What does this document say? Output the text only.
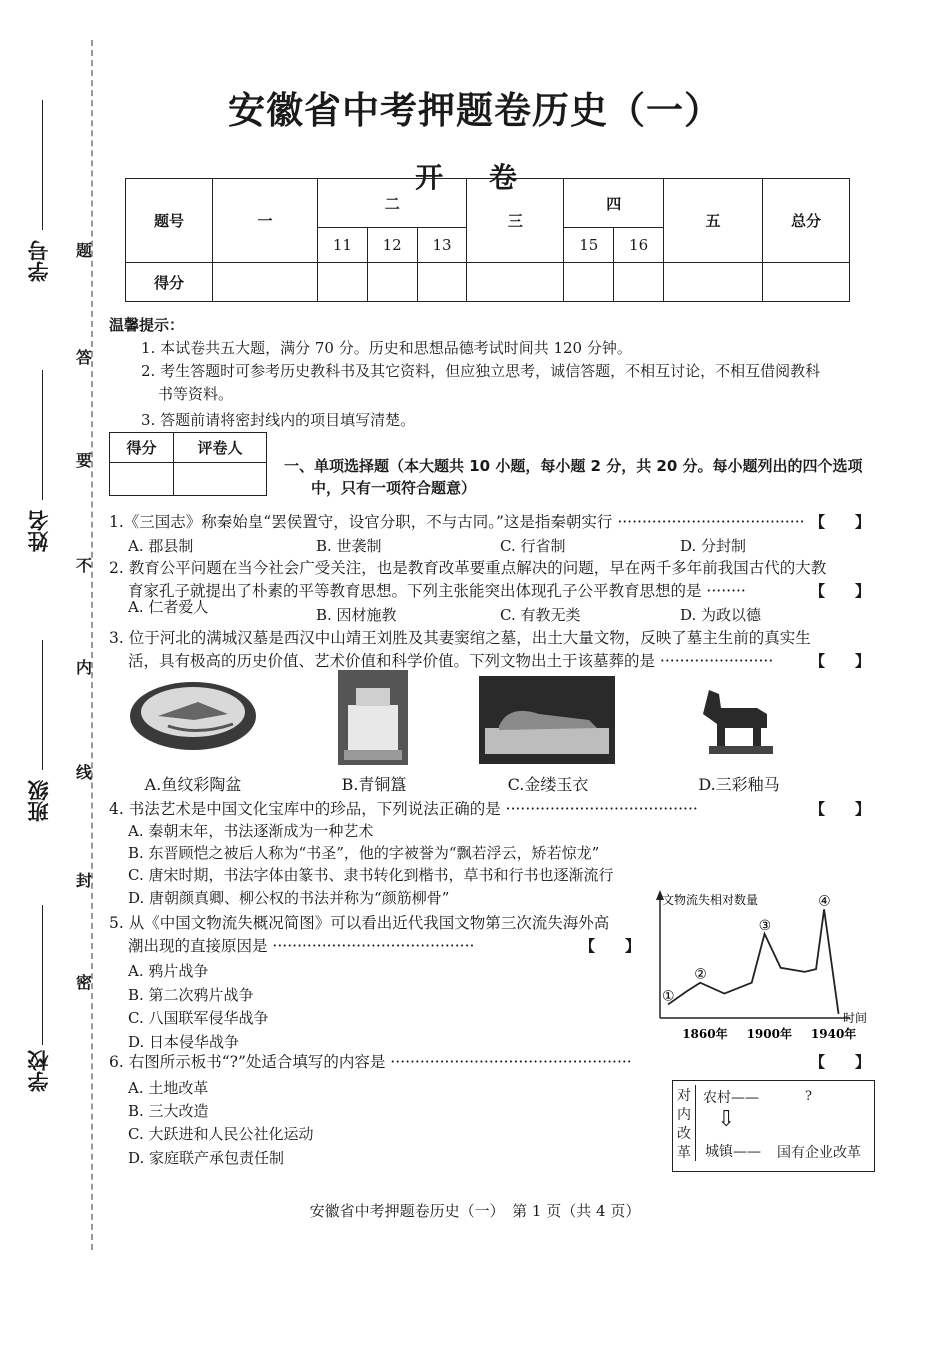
学号
姓名
班级
学校
题
答
要
不
内
线
封
密
安徽省中考押题卷历史（一）
开 卷
题号	一	二			三	四		五	总分
		11	12	13		15	16		
得分									
温馨提示：
1. 本试卷共五大题，满分 70 分。历史和思想品德考试时间共 120 分钟。
2. 考生答题时可参考历史教科书及其它资料，但应独立思考，诚信答题，不相互讨论，不相互借阅教科
书等资料。
3. 答题前请将密封线内的项目填写清楚。
得分	评卷人

一、单项选择题（本大题共 10 小题，每小题 2 分，共 20 分。每小题列出的四个选项
中，只有一项符合题意）
1.《三国志》称秦始皇“罢侯置守，设官分职，不与古同。”这是指秦朝实行 ······································ 【　　】
A. 郡县制	B. 世袭制	C. 行省制	D. 分封制
2. 教育公平问题在当今社会广受关注，也是教育改革要重点解决的问题，早在两千多年前我国古代的大教
育家孔子就提出了朴素的平等教育思想。下列主张能突出体现孔子公平教育思想的是 ········	【　　】
A. 仁者爱人	B. 因材施教	C. 有教无类	D. 为政以德
3. 位于河北的满城汉墓是西汉中山靖王刘胜及其妻窦绾之墓，出土大量文物，反映了墓主生前的真实生
活，具有极高的历史价值、艺术价值和科学价值。下列文物出土于该墓葬的是 ······················· 【　　】
A.鱼纹彩陶盆	B.青铜簋	C.金缕玉衣	D.三彩釉马
4. 书法艺术是中国文化宝库中的珍品，下列说法正确的是 ·······································	【　　】
A. 秦朝末年，书法逐渐成为一种艺术
B. 东晋顾恺之被后人称为“书圣”，他的字被誉为“飘若浮云，矫若惊龙”
C. 唐宋时期，书法字体由篆书、隶书转化到楷书，草书和行书也逐渐流行
D. 唐朝颜真卿、柳公权的书法并称为“颜筋柳骨”
5. 从《中国文物流失概况简图》可以看出近代我国文物第三次流失海外高
潮出现的直接原因是 ·········································	【　　】
A. 鸦片战争
B. 第二次鸦片战争
C. 八国联军侵华战争
D. 日本侵华战争
文物流失相对数量
时间
①
②
③
④
1860年 1900年 1940年
6. 右图所示板书“?”处适合填写的内容是 ·················································	【　　】
A. 土地改革
B. 三大改造
C. 大跃进和人民公社化运动
D. 家庭联产承包责任制
对内改革
农村——	?
⇩
城镇—— 国有企业改革
安徽省中考押题卷历史（一）　第 1 页（共 4 页）
